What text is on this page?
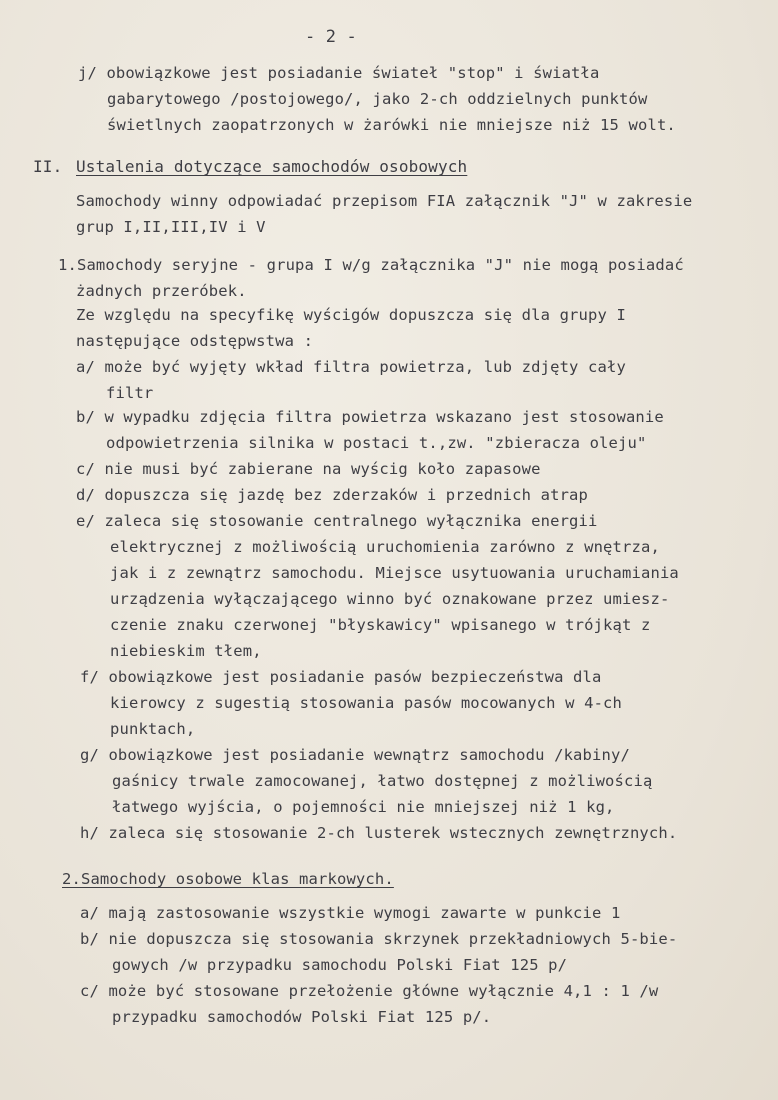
- 2 -
j/ obowiązkowe jest posiadanie świateł "stop" i światła
gabarytowego /postojowego/, jako 2-ch oddzielnych punktów
świetlnych zaopatrzonych w żarówki nie mniejsze niż 15 wolt.
II. Ustalenia dotyczące samochodów osobowych
Samochody winny odpowiadać przepisom FIA załącznik "J" w zakresie
grup I,II,III,IV i V
1.Samochody seryjne - grupa I w/g załącznika "J" nie mogą posiadać
żadnych przeróbek.
Ze względu na specyfikę wyścigów dopuszcza się dla grupy I
następujące odstępwstwa :
a/ może być wyjęty wkład filtra powietrza, lub zdjęty cały
filtr
b/ w wypadku zdjęcia filtra powietrza wskazano jest stosowanie
odpowietrzenia silnika w postaci t.,zw. "zbieracza oleju"
c/ nie musi być zabierane na wyścig koło zapasowe
d/ dopuszcza się jazdę bez zderzaków i przednich atrap
e/ zaleca się stosowanie centralnego wyłącznika energii
elektrycznej z możliwością uruchomienia zarówno z wnętrza,
jak i z zewnątrz samochodu. Miejsce usytuowania uruchamiania
urządzenia wyłączającego winno być oznakowane przez umiesz-
czenie znaku czerwonej "błyskawicy" wpisanego w trójkąt z
niebieskim tłem,
f/ obowiązkowe jest posiadanie pasów bezpieczeństwa dla
kierowcy z sugestią stosowania pasów mocowanych w 4-ch
punktach,
g/ obowiązkowe jest posiadanie wewnątrz samochodu /kabiny/
gaśnicy trwale zamocowanej, łatwo dostępnej z możliwością
łatwego wyjścia, o pojemności nie mniejszej niż 1 kg,
h/ zaleca się stosowanie 2-ch lusterek wstecznych zewnętrznych.
2.Samochody osobowe klas markowych.
a/ mają zastosowanie wszystkie wymogi zawarte w punkcie 1
b/ nie dopuszcza się stosowania skrzynek przekładniowych 5-bie-
gowych /w przypadku samochodu Polski Fiat 125 p/
c/ może być stosowane przełożenie główne wyłącznie 4,1 : 1 /w
przypadku samochodów Polski Fiat 125 p/.
